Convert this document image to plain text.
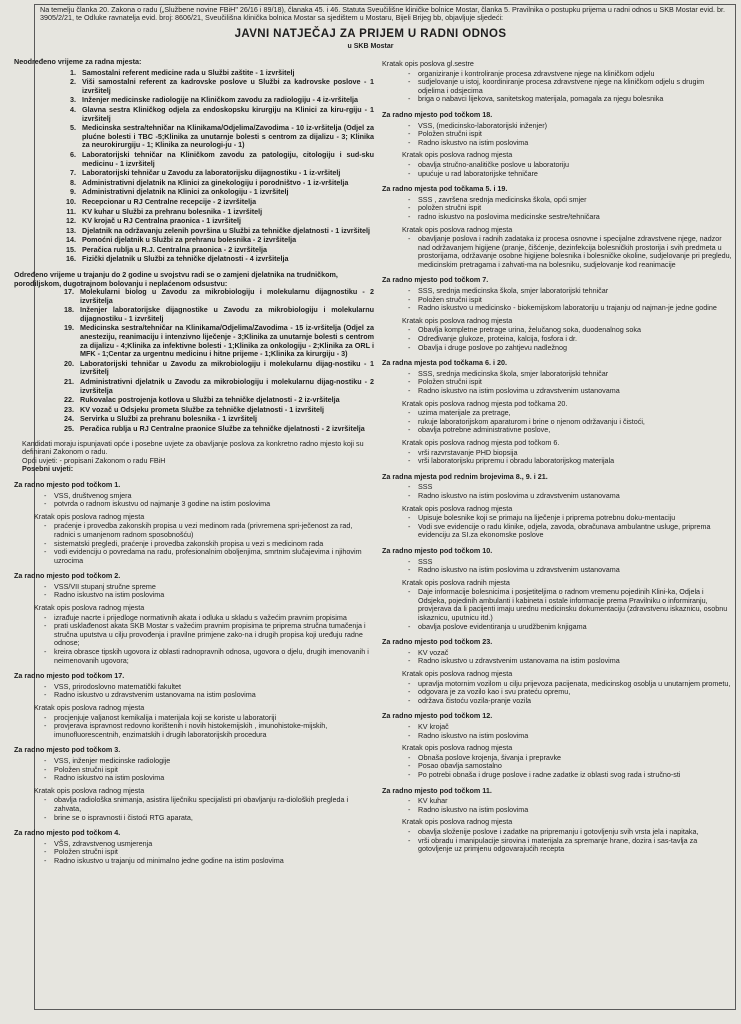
Na temelju članka 20. Zakona o radu („Službene novine FBiH" 26/16 i 89/18), članaka 45. i 46. Statuta Sveučilišne kliničke bolnice Mostar, članka 5. Pravilnika o postupku prijema u radni odnos u SKB Mostar evid. br. 3905/2/21, te Odluke ravnatelja evid. broj: 8606/21, Sveučilišna klinička bolnica Mostar sa sjedištem u Mostaru, Bijeli Brijeg bb, objavljuje sljedeći:
JAVNI NATJEČAJ ZA PRIJEM U RADNI ODNOS
u SKB Mostar
Neodređeno vrijeme za radna mjesta:
1. Samostalni referent medicine rada u Službi zaštite - 1 izvršitelj
2. Viši samostalni referent za kadrovske poslove u Službi za kadrovske poslove - 1 izvršitelj
3. Inženjer medicinske radiologije na Kliničkom zavodu za radiologiju - 4 iz-vršitelja
4. Glavna sestra Kliničkog odjela za endoskopsku kirurgiju na Klinici za kiru-rgiju - 1 izvršitelj
5. Medicinska sestra/tehničar na Klinikama/Odjelima/Zavodima - 10 iz-vršitelja (Odjel za plućne bolesti i TBC -5;Klinika za unutarnje bolesti s centrom za dijalizu - 3; Klinika za neurokirurgiju - 1; Klinika za neurologi-ju - 1)
6. Laboratorijski tehničar na Kliničkom zavodu za patologiju, citologiju i sud-sku medicinu - 1 izvršitelj
7. Laboratorijski tehničar u Zavodu za laboratorijsku dijagnostiku - 1 iz-vršitelj
8. Administrativni djelatnik na Klinici za ginekologiju i porodništvo - 1 iz-vršitelja
9. Administrativni djelatnik na Klinici za onkologiju - 1 izvršitelj
10. Recepcionar u RJ Centralne recepcije - 2 izvršitelja
11. KV kuhar u Službi za prehranu bolesnika - 1 izvršitelj
12. KV krojač u RJ Centralna praonica - 1 izvršitelj
13. Djelatnik na održavanju zelenih površina u Službi za tehničke djelatnosti - 1 izvršitelj
14. Pomoćni djelatnik u Službi za prehranu bolesnika - 2 izvršitelja
15. Peračica rublja u R.J. Centralna praonica - 2 izvršitelja
16. Fizički djelatnik u Službi za tehničke djelatnosti - 4 izvršitelja
Određeno vrijeme u trajanju do 2 godine u svojstvu radi se o zamjeni djelatnika na trudničkom, porodiljskom, dugotrajnom bolovanju i neplaćenom odsustvu:
17. Molekularni biolog u Zavodu za mikrobiologiju i molekularnu dijagnostiku - 2 izvršitelja
18. Inženjer laboratorijske dijagnostike u Zavodu za mikrobiologiju i molekularnu dijagnostiku - 1 izvršitelj
19. Medicinska sestra/tehničar na Klinikama/Odjelima/Zavodima - 15 iz-vršitelja (Odjel za anesteziju, reanimaciju i intenzivno liječenje - 3;Klinika za unutarnje bolesti s centrom za dijalizu - 4;Klinika za infektivne bolesti - 1;Klinika za onkologiju - 2;Klinika za ORL i MFK - 1;Centar za urgentnu medicinu i hitne prijeme - 1;Klinika za kirurgiju - 3)
20. Laboratorijski tehničar u Zavodu za mikrobiologiju i molekularnu dijag-nostiku - 1 izvršitelj
21. Administrativni djelatnik u Zavodu za mikrobiologiju i molekularnu dijag-nostiku - 2 izvršitelja
22. Rukovalac postrojenja kotlova u Službi za tehničke djelatnosti - 2 iz-vršitelja
23. KV vozač u Odsjeku prometa Službe za tehničke djelatnosti - 1 izvršitelj
24. Servirka u Službi za prehranu bolesnika - 1 izvršitelj
25. Peračica rublja u RJ Centralne praonice Službe za tehničke djelatnosti - 2 izvršitelja
Kandidati moraju ispunjavati opće i posebne uvjete za obavljanje poslova za konkretno radno mjesto koji su definirani Zakonom o radu.
Opći uvjeti: - propisani Zakonom o radu FBiH
Posebni uvjeti:
Za radno mjesto pod točkom 1.
- VSS, društvenog smjera
- potvrda o radnom iskustvu od najmanje 3 godine na istim poslovima
Kratak opis poslova radnog mjesta
- praćenje i provedba zakonskih propisa u vezi medinom rada (privremena spri-ječenost za rad, radnici s umanjenom radnom sposobnošću)
- sistematski pregledi, praćenje i provedba zakonskih propisa u vezi s medicinom rada
- vodi evidenciju o povredama na radu, profesionalnim oboljenjima, smrtnim slučajevima i njihovim uzrocima
Za radno mjesto pod točkom 2.
- VSS/VII stupanj stručne spreme
- Radno iskustvo na istim poslovima
Kratak opis poslova radnog mjesta
- izrađuje nacrte i prijedloge normativnih akata i odluka u skladu s važećim pravnim propisima
- prati usklađenost akata SKB Mostar s važećim pravnim propisima te priprema stručna tumačenja i stručna uputstva u cilju provođenja i pravilne primjene zako-na i drugih propisa koji uređuju radne odnose;
- kreira obrasce tipskih ugovora iz oblasti radnopravnih odnosa, ugovora o djelu, drugih imenovanih i neimenovanih ugovora;
Za radno mjesto pod točkom 17.
- VSS, prirodoslovno matematički fakultet
- Radno iskustvo u zdravstvenim ustanovama na istim poslovima
Kratak opis poslova radnog mjesta
- procjenjuje valjanost kemikalija i materijala koji se koriste u laboratoriji
- provjerava ispravnost redovno korištenih i novih histokemijskih , imunohistoke-mijskih, imunofluorescentnih, enzimatskih i drugih laboratorijskih procedura
Za radno mjesto pod točkom 3.
- VSS, inženjer medicinske radiologije
- Položen stručni ispit
- Radno iskustvo na istim poslovima
Kratak opis poslova radnog mjesta
- obavlja radiološka snimanja, asistira liječniku specijalisti pri obavljanju ra-dioloških pregleda i zahvata,
- brine se o ispravnosti i čistoći RTG aparata,
Za radno mjesto pod točkom 4.
- VŠS, zdravstvenog usmjerenja
- Položen stručni ispit
- Radno iskustvo u trajanju od minimalno jedne godine na istim poslovima
Kratak opis poslova gl.sestre
- organiziranje i kontroliranje procesa zdravstvene njege na kliničkom odjelu
- sudjelovanje u istoj, koordiniranje procesa zdravstvene njege na kliničkom odjelu s drugim odjelima i odsjecima
- briga o nabavci lijekova, sanitetskog materijala, pomagala za njegu bolesnika
Za radno mjesto pod točkom 18.
- VSS, (medicinsko-laboratorijski inženjer)
- Položen stručni ispit
- Radno iskustvo na istim poslovima
Kratak opis poslova radnog mjesta
- obavlja stručno-analitičke poslove u laboratoriju
- upućuje u rad laboratorijske tehničare
Za radno mjesta pod točkama 5. i 19.
- SSS , završena srednja medicinska škola, opći smjer
- položen stručni ispit
- radno iskustvo na poslovima medicinske sestre/tehničara
Kratak opis poslova radnog mjesta
- obavljanje poslova i radnih zadataka iz procesa osnovne i specijalne zdravstvene njege, nadzor nad održavanjem higijene (pranje, čišćenje, dezinfekcija bolesničkih prostorija i svih predmeta u prostorijama, održavanje osobne higijene bolesnika i bolesničke okoline, sudjelovanje pri pregledu, medicinskim pretragama i zahvati-ma na bolesniku, sudjelovanje kod reanimacije
Za radno mjesto pod točkom 7.
- SSS, srednja medicinska škola, smjer laboratorijski tehničar
- Položen stručni ispit
- Radno iskustvo u medicinsko - biokemijskom laboratoriju u trajanju od najman-je jedne godine
Kratak opis poslova radnog mjesta
- Obavlja kompletne pretrage urina, želučanog soka, duodenalnog soka
- Određivanje glukoze, proteina, kalcija, fosfora i dr.
- Obavlja i druge poslove po zahtjevu nadležnog
Za radna mjesta pod točkama 6. i 20.
- SSS, srednja medicinska škola, smjer laboratorijski tehničar
- Položen stručni ispit
- Radno iskustvo na istim poslovima u zdravstvenim ustanovama
Kratak opis poslova radnog mjesta pod točkama 20.
- uzima materijale za pretrage,
- rukuje laboratorijskom aparaturom i brine o njenom održavanju i čistoći,
- obavlja potrebne administrativne poslove,
Kratak opis poslova radnog mjesta pod točkom 6.
- vrši razvrstavanje PHD biopsija
- vrši laboratorijsku pripremu i obradu laboratorijskog materijala
Za radna mjesta pod rednim brojevima 8., 9. i 21.
- SSS
- Radno iskustvo na istim poslovima u zdravstvenim ustanovama
Kratak opis poslova radnog mjesta
- Upisuje bolesnike koji se primaju na liječenje i priprema potrebnu doku-mentaciju
- Vodi sve evidencije o radu klinike, odjela, zavoda, obračunava ambulantne usluge, priprema evidenciju za SI.za ekonomske poslove
Za radno mjesto pod točkom 10.
- SSS
- Radno iskustvo na istim poslovima u zdravstvenim ustanovama
Kratak opis poslova radnih mjesta
- Daje informacije bolesnicima i posjetiteljima o radnom vremenu pojedinih Klini-ka, Odjela i Odsjeka, pojedinih ambulanti i kabineta i ostale informacije prema Pravilniku o informiranju, provjerava da li pacijenti imaju urednu medicinsku dokumentaciju (zdravstvenu iskaznicu, osobnu iskaznicu, uputnicu itd.)
- obavlja poslove evidentiranja u urudžbenim knjigama
Za radno mjesto pod točkom 23.
- KV vozač
- Radno iskustvo u zdravstvenim ustanovama na istim poslovima
Kratak opis poslova radnog mjesta
- upravlja motornim vozilom u cilju prijevoza pacijenata, medicinskog osoblja u unutarnjem prometu,
- odgovara je za vozilo kao i svu prateću opremu,
- održava čistoću vozila-pranje vozila
Za radno mjesto pod točkom 12.
- KV krojač
- Radno iskustvo na istim poslovima
Kratak opis poslova radnog mjesta
- Obnaša poslove krojenja, šivanja i prepravke
- Posao obavlja samostalno
- Po potrebi obnaša i druge poslove i radne zadatke iz oblasti svog rada i stručno-sti
Za radno mjesto pod točkom 11.
- KV kuhar
- Radno iskustvo na istim poslovima
Kratak opis poslova radnog mjesta
- obavlja složenije poslove i zadatke na pripremanju i gotovljenju svih vrsta jela i napitaka,
- vrši obradu i manipulacije sirovina i materijala za spremanje hrane, dozira i sas-tavlja za gotovljenje uz primjenu odgovarajućih recepta
